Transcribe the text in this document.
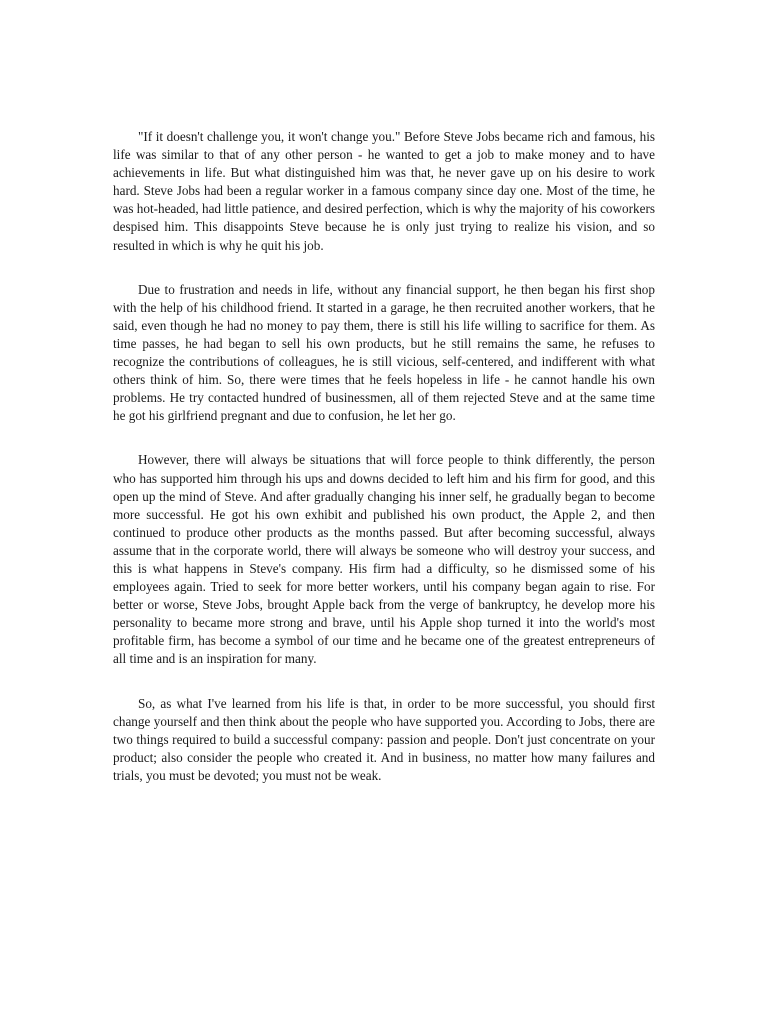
"If it doesn't challenge you, it won't change you." Before Steve Jobs became rich and famous, his life was similar to that of any other person - he wanted to get a job to make money and to have achievements in life. But what distinguished him was that, he never gave up on his desire to work hard. Steve Jobs had been a regular worker in a famous company since day one. Most of the time, he was hot-headed, had little patience, and desired perfection, which is why the majority of his coworkers despised him. This disappoints Steve because he is only just trying to realize his vision, and so resulted in which is why he quit his job.

Due to frustration and needs in life, without any financial support, he then began his first shop with the help of his childhood friend. It started in a garage, he then recruited another workers, that he said, even though he had no money to pay them, there is still his life willing to sacrifice for them. As time passes, he had began to sell his own products, but he still remains the same, he refuses to recognize the contributions of colleagues, he is still vicious, self-centered, and indifferent with what others think of him. So, there were times that he feels hopeless in life - he cannot handle his own problems. He try contacted hundred of businessmen, all of them rejected Steve and at the same time he got his girlfriend pregnant and due to confusion, he let her go.

However, there will always be situations that will force people to think differently, the person who has supported him through his ups and downs decided to left him and his firm for good, and this open up the mind of Steve. And after gradually changing his inner self, he gradually began to become more successful. He got his own exhibit and published his own product, the Apple 2, and then continued to produce other products as the months passed. But after becoming successful, always assume that in the corporate world, there will always be someone who will destroy your success, and this is what happens in Steve's company. His firm had a difficulty, so he dismissed some of his employees again. Tried to seek for more better workers, until his company began again to rise. For better or worse, Steve Jobs, brought Apple back from the verge of bankruptcy, he develop more his personality to became more strong and brave, until his Apple shop turned it into the world's most profitable firm, has become a symbol of our time and he became one of the greatest entrepreneurs of all time and is an inspiration for many.

So, as what I've learned from his life is that, in order to be more successful, you should first change yourself and then think about the people who have supported you. According to Jobs, there are two things required to build a successful company: passion and people. Don't just concentrate on your product; also consider the people who created it. And in business, no matter how many failures and trials, you must be devoted; you must not be weak.
